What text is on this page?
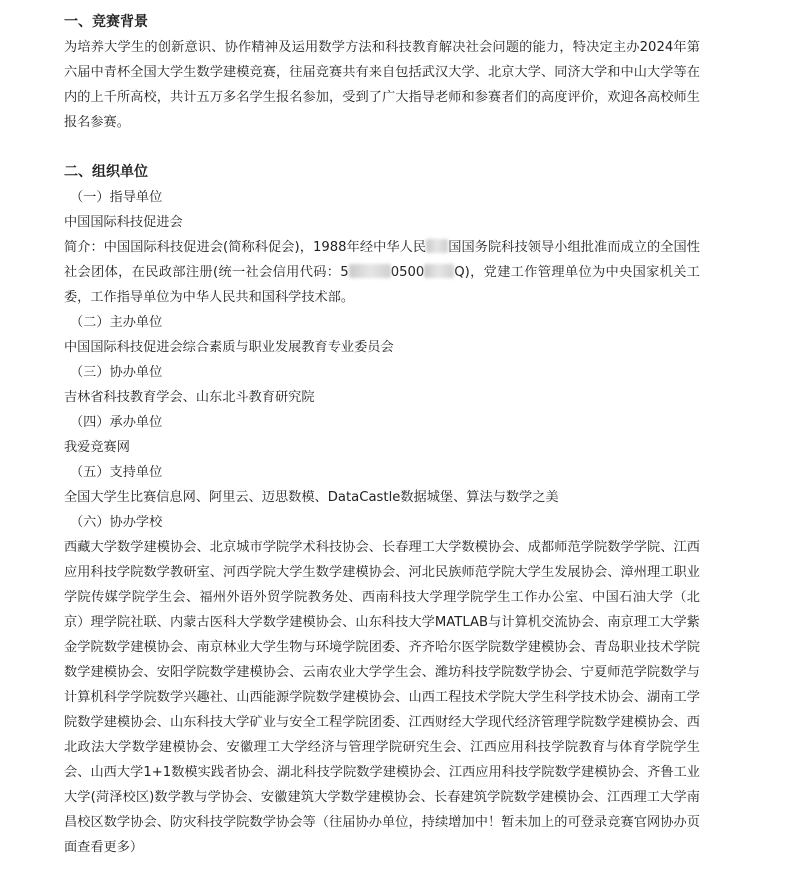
一、竞赛背景

为培养大学生的创新意识、协作精神及运用数学方法和科技教育解决社会问题的能力，特决定主办2024年第六届中青杯全国大学生数学建模竞赛，往届竞赛共有来自包括武汉大学、北京大学、同济大学和中山大学等在内的上千所高校，共计五万多名学生报名参加，受到了广大指导老师和参赛者们的高度评价，欢迎各高校师生报名参赛。

二、组织单位

（一）指导单位

中国国际科技促进会

简介：中国国际科技促进会(简称科促会)，1988年经中华人民 国国务院科技领导小组批准而成立的全国性社会团体，在民政部注册(统一社会信用代码：5	0500 Q)，党建工作管理单位为中央国家机关工委，工作指导单位为中华人民共和国科学技术部。

（二）主办单位

中国国际科技促进会综合素质与职业发展教育专业委员会

（三）协办单位

吉林省科技教育学会、山东北斗教育研究院

（四）承办单位

我爱竞赛网

（五）支持单位

全国大学生比赛信息网、阿里云、迈思数模、DataCastle数据城堡、算法与数学之美

（六）协办学校

西藏大学数学建模协会、北京城市学院学术科技协会、长春理工大学数模协会、成都师范学院数学学院、江西应用科技学院数学教研室、河西学院大学生数学建模协会、河北民族师范学院大学生发展协会、漳州理工职业学院传媒学院学生会、福州外语外贸学院教务处、西南科技大学理学院学生工作办公室、中国石油大学（北京）理学院社联、内蒙古医科大学数学建模协会、山东科技大学MATLAB与计算机交流协会、南京理工大学紫金学院数学建模协会、南京林业大学生物与环境学院团委、齐齐哈尔医学院数学建模协会、青岛职业技术学院数学建模协会、安阳学院数学建模协会、云南农业大学学生会、潍坊科技学院数学协会、宁夏师范学院数学与计算机科学学院数学兴趣社、山西能源学院数学建模协会、山西工程技术学院大学生科学技术协会、湖南工学院数学建模协会、山东科技大学矿业与安全工程学院团委、江西财经大学现代经济管理学院数学建模协会、西北政法大学数学建模协会、安徽理工大学经济与管理学院研究生会、江西应用科技学院教育与体育学院学生会、山西大学1+1数模实践者协会、湖北科技学院数学建模协会、江西应用科技学院数学建模协会、齐鲁工业大学(菏泽校区)数学教与学协会、安徽建筑大学数学建模协会、长春建筑学院数学建模协会、江西理工大学南昌校区数学协会、防灾科技学院数学协会等（往届协办单位，持续增加中！暂未加上的可登录竞赛官网协办页面查看更多）
